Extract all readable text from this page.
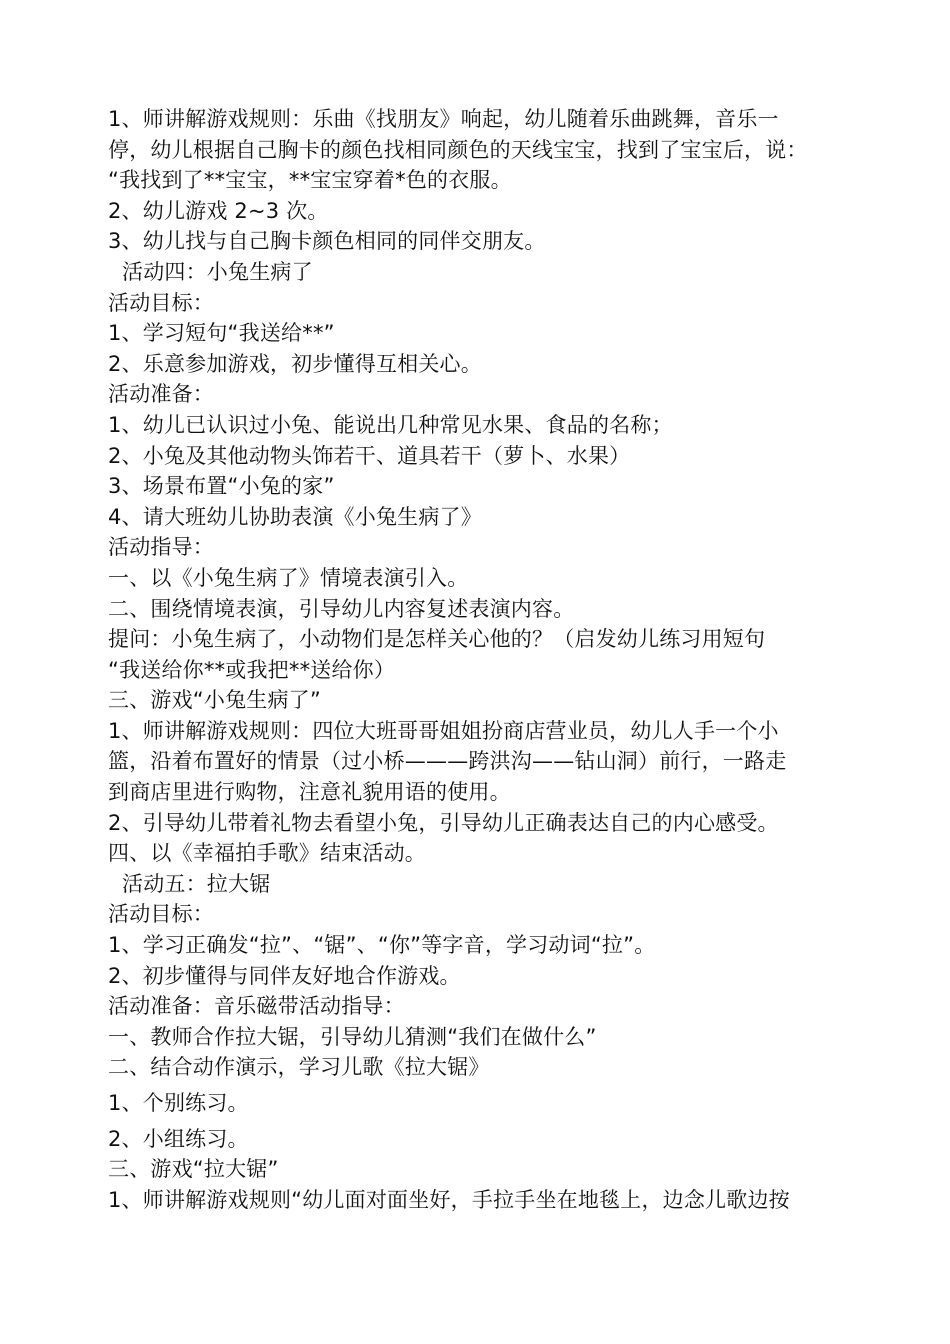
1、师讲解游戏规则：乐曲《找朋友》响起，幼儿随着乐曲跳舞，音乐一
停，幼儿根据自己胸卡的颜色找相同颜色的天线宝宝，找到了宝宝后，说：
“我找到了**宝宝，**宝宝穿着*色的衣服。
2、幼儿游戏 2~3 次。
3、幼儿找与自己胸卡颜色相同的同伴交朋友。
活动四：小兔生病了
活动目标：
1、学习短句“我送给**”
2、乐意参加游戏，初步懂得互相关心。
活动准备：
1、幼儿已认识过小兔、能说出几种常见水果、食品的名称；
2、小兔及其他动物头饰若干、道具若干（萝卜、水果）
3、场景布置“小兔的家”
4、请大班幼儿协助表演《小兔生病了》
活动指导：
一、以《小兔生病了》情境表演引入。
二、围绕情境表演，引导幼儿内容复述表演内容。
提问：小兔生病了，小动物们是怎样关心他的？（启发幼儿练习用短句
“我送给你**或我把**送给你）
三、游戏“小兔生病了”
1、师讲解游戏规则：四位大班哥哥姐姐扮商店营业员，幼儿人手一个小
篮，沿着布置好的情景（过小桥———跨洪沟——钻山洞）前行，一路走
到商店里进行购物，注意礼貌用语的使用。
2、引导幼儿带着礼物去看望小兔，引导幼儿正确表达自己的内心感受。
四、以《幸福拍手歌》结束活动。
活动五：拉大锯
活动目标：
1、学习正确发“拉”、“锯”、“你”等字音，学习动词“拉”。
2、初步懂得与同伴友好地合作游戏。
活动准备：音乐磁带活动指导：
一、教师合作拉大锯，引导幼儿猜测“我们在做什么”
二、结合动作演示，学习儿歌《拉大锯》
1、个别练习。
2、小组练习。
三、游戏“拉大锯”
1、师讲解游戏规则“幼儿面对面坐好，手拉手坐在地毯上，边念儿歌边按
